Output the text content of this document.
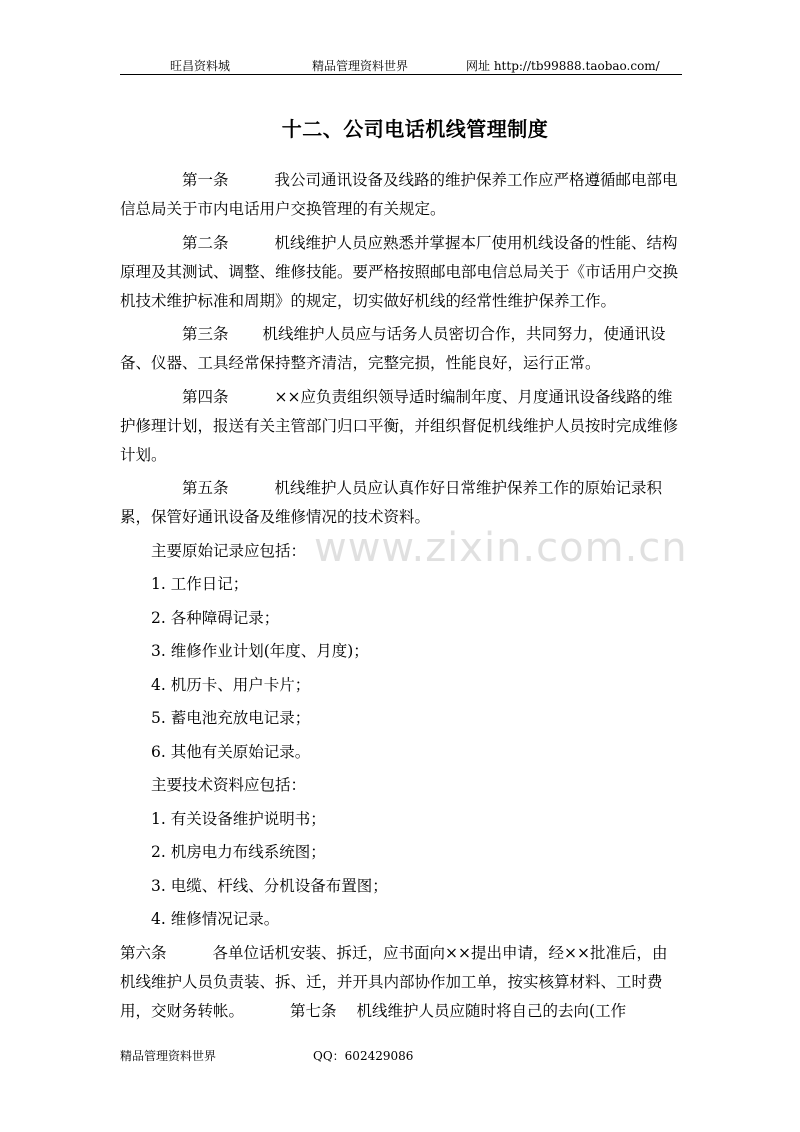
旺昌资料城	精品管理资料世界	网址 http://tb99888.taobao.com/
十二、公司电话机线管理制度
www.zixin.com.cn

第一条	我公司通讯设备及线路的维护保养工作应严格遵循邮电部电信总局关于市内电话用户交换管理的有关规定。

第二条	机线维护人员应熟悉并掌握本厂使用机线设备的性能、结构原理及其测试、调整、维修技能。要严格按照邮电部电信总局关于《市话用户交换机技术维护标准和周期》的规定，切实做好机线的经常性维护保养工作。

第三条 机线维护人员应与话务人员密切合作，共同努力，使通讯设备、仪器、工具经常保持整齐清洁，完整完损，性能良好，运行正常。

第四条	××应负责组织领导适时编制年度、月度通讯设备线路的维护修理计划，报送有关主管部门归口平衡，并组织督促机线维护人员按时完成维修计划。

第五条	机线维护人员应认真作好日常维护保养工作的原始记录积累，保管好通讯设备及维修情况的技术资料。

主要原始记录应包括：

1. 工作日记；

2. 各种障碍记录；

3. 维修作业计划(年度、月度)；

4. 机历卡、用户卡片；

5. 蓄电池充放电记录；

6. 其他有关原始记录。

主要技术资料应包括：

1. 有关设备维护说明书；

2. 机房电力布线系统图；

3. 电缆、杆线、分机设备布置图；

4. 维修情况记录。

第六条	各单位话机安装、拆迁，应书面向××提出申请，经××批准后，由机线维护人员负责装、拆、迁，并开具内部协作加工单，按实核算材料、工时费用，交财务转帐。	第七条 机线维护人员应随时将自己的去向(工作

精品管理资料世界	QQ：602429086
